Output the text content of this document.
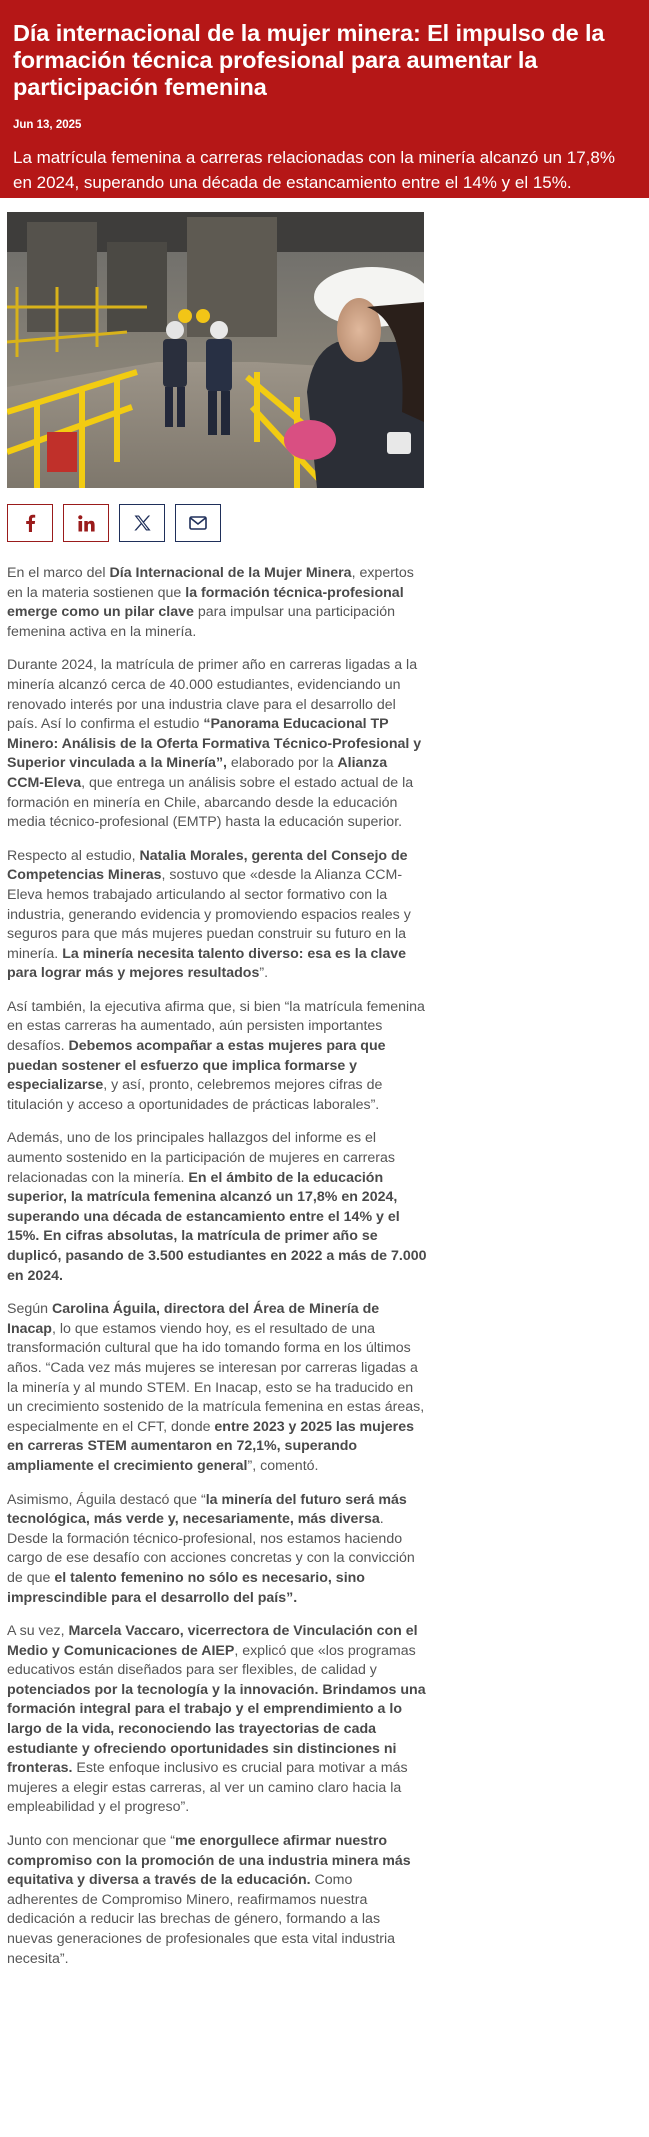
Día internacional de la mujer minera: El impulso de la formación técnica profesional para aumentar la participación femenina
Jun 13, 2025
La matrícula femenina a carreras relacionadas con la minería alcanzó un 17,8% en 2024, superando una década de estancamiento entre el 14% y el 15%.

En el marco del Día Internacional de la Mujer Minera, expertos en la materia sostienen que la formación técnica-profesional emerge como un pilar clave para impulsar una participación femenina activa en la minería.

Durante 2024, la matrícula de primer año en carreras ligadas a la minería alcanzó cerca de 40.000 estudiantes, evidenciando un renovado interés por una industria clave para el desarrollo del país. Así lo confirma el estudio “Panorama Educacional TP Minero: Análisis de la Oferta Formativa Técnico-Profesional y Superior vinculada a la Minería”, elaborado por la Alianza CCM-Eleva, que entrega un análisis sobre el estado actual de la formación en minería en Chile, abarcando desde la educación media técnico-profesional (EMTP) hasta la educación superior.

Respecto al estudio, Natalia Morales, gerenta del Consejo de Competencias Mineras, sostuvo que «desde la Alianza CCM-Eleva hemos trabajado articulando al sector formativo con la industria, generando evidencia y promoviendo espacios reales y seguros para que más mujeres puedan construir su futuro en la minería. La minería necesita talento diverso: esa es la clave para lograr más y mejores resultados”.

Así también, la ejecutiva afirma que, si bien “la matrícula femenina en estas carreras ha aumentado, aún persisten importantes desafíos. Debemos acompañar a estas mujeres para que puedan sostener el esfuerzo que implica formarse y especializarse, y así, pronto, celebremos mejores cifras de titulación y acceso a oportunidades de prácticas laborales”.

Además, uno de los principales hallazgos del informe es el aumento sostenido en la participación de mujeres en carreras relacionadas con la minería. En el ámbito de la educación superior, la matrícula femenina alcanzó un 17,8% en 2024, superando una década de estancamiento entre el 14% y el 15%. En cifras absolutas, la matrícula de primer año se duplicó, pasando de 3.500 estudiantes en 2022 a más de 7.000 en 2024.

Según Carolina Águila, directora del Área de Minería de Inacap, lo que estamos viendo hoy, es el resultado de una transformación cultural que ha ido tomando forma en los últimos años. “Cada vez más mujeres se interesan por carreras ligadas a la minería y al mundo STEM. En Inacap, esto se ha traducido en un crecimiento sostenido de la matrícula femenina en estas áreas, especialmente en el CFT, donde entre 2023 y 2025 las mujeres en carreras STEM aumentaron en 72,1%, superando ampliamente el crecimiento general”, comentó.

Asimismo, Águila destacó que “la minería del futuro será más tecnológica, más verde y, necesariamente, más diversa. Desde la formación técnico-profesional, nos estamos haciendo cargo de ese desafío con acciones concretas y con la convicción de que el talento femenino no sólo es necesario, sino imprescindible para el desarrollo del país”.

A su vez, Marcela Vaccaro, vicerrectora de Vinculación con el Medio y Comunicaciones de AIEP, explicó que «los programas educativos están diseñados para ser flexibles, de calidad y potenciados por la tecnología y la innovación. Brindamos una formación integral para el trabajo y el emprendimiento a lo largo de la vida, reconociendo las trayectorias de cada estudiante y ofreciendo oportunidades sin distinciones ni fronteras. Este enfoque inclusivo es crucial para motivar a más mujeres a elegir estas carreras, al ver un camino claro hacia la empleabilidad y el progreso”.

Junto con mencionar que “me enorgullece afirmar nuestro compromiso con la promoción de una industria minera más equitativa y diversa a través de la educación. Como adherentes de Compromiso Minero, reafirmamos nuestra dedicación a reducir las brechas de género, formando a las nuevas generaciones de profesionales que esta vital industria necesita”.
